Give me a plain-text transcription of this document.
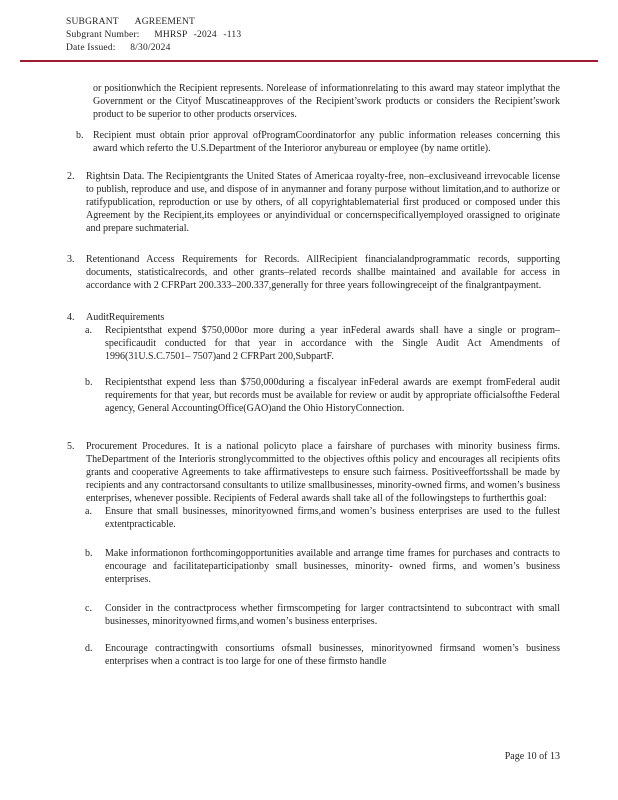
SUBGRANT AGREEMENT
Subgrant Number: MHRSP -2024 -113
Date Issued: 8/30/2024

or positionwhich the Recipient represents. Norelease of informationrelating to this award may stateor implythat the Government or the Cityof Muscatineapproves of the Recipient’swork products or considers the Recipient’swork product to be superior to other products orservices.

b. Recipient must obtain prior approval ofProgramCoordinatorfor any public information releases concerning this award which referto the U.S.Department of the Interioror anybureau or employee (by name ortitle).
2.	Rightsin Data. The Recipientgrants the United States of Americaa royalty-free, non–exclusiveand irrevocable license to publish, reproduce and use, and dispose of in anymanner and forany purpose without limitation,and to authorize or ratifypublication, reproduction or use by others, of all copyrightablematerial first produced or composed under this Agreement by the Recipient,its employees or anyindividual or concernspecificallyemployed orassigned to originate and prepare suchmaterial.
3.	Retentionand Access Requirements for Records. AllRecipient financialandprogrammatic records, supporting documents, statisticalrecords, and other grants–related records shallbe maintained and available for access in accordance with 2 CFRPart 200.333–200.337,generally for three years followingreceipt of the finalgrantpayment.
4.	AuditRequirements
a.	Recipientsthat expend $750,000or more during a year inFederal awards shall have a single or program–specificaudit conducted for that year in accordance with the Single Audit Act Amendments of 1996(31U.S.C.7501– 7507)and 2 CFRPart 200,SubpartF.
b.	Recipientsthat expend less than $750,000during a fiscalyear inFederal awards are exempt fromFederal audit requirements for that year, but records must be available for review or audit by appropriate officialsofthe Federal agency, General AccountingOffice(GAO)and the Ohio HistoryConnection.
5.	Procurement Procedures. It is a national policyto place a fairshare of purchases with minority business firms. TheDepartment of the Interioris stronglycommitted to the objectives ofthis policy and encourages all recipients ofits grants and cooperative Agreements to take affirmativesteps to ensure such fairness. Positiveeffortsshall be made by recipients and any contractorsand consultants to utilize smallbusinesses, minority-owned firms, and women’s business enterprises, whenever possible. Recipients of Federal awards shall take all of the followingsteps to furtherthis goal:
a.	Ensure that small businesses, minorityowned firms,and women’s business enterprises are used to the fullest extentpracticable.
b.	Make informationon forthcomingopportunities available and arrange time frames for purchases and contracts to encourage and facilitateparticipationby small businesses, minority- owned firms, and women’s business enterprises.
c.	Consider in the contractprocess whether firmscompeting for larger contractsintend to subcontract with small businesses, minorityowned firms,and women’s business enterprises.
d.	Encourage contractingwith consortiums ofsmall businesses, minorityowned firmsand women’s business enterprises when a contract is too large for one of these firmsto handle
Page 10 of 13
